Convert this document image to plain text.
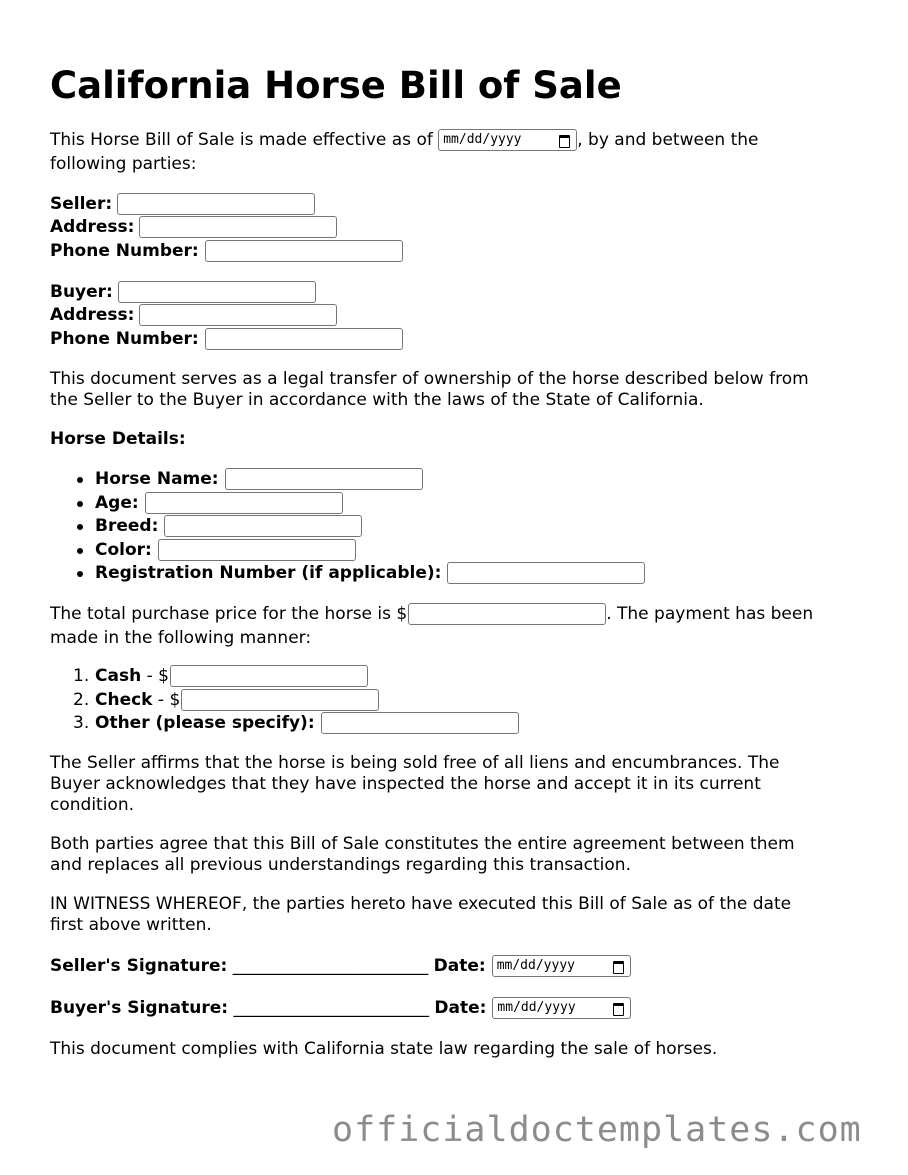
California Horse Bill of Sale
This Horse Bill of Sale is made effective as of mm/dd/yyyy	, by and between the
following parties:
Seller:
Address:
Phone Number:
Buyer:
Address:
Phone Number:

This document serves as a legal transfer of ownership of the horse described below from
the Seller to the Buyer in accordance with the laws of the State of California.

Horse Details:
Horse Name:
Age:
Breed:
Color:
Registration Number (if applicable):
The total purchase price for the horse is $	. The payment has been
made in the following manner:
1. Cash - $
2. Check - $
3. Other (please specify):

The Seller affirms that the horse is being sold free of all liens and encumbrances. The
Buyer acknowledges that they have inspected the horse and accept it in its current
condition.

Both parties agree that this Bill of Sale constitutes the entire agreement between them
and replaces all previous understandings regarding this transaction.

IN WITNESS WHEREOF, the parties hereto have executed this Bill of Sale as of the date
first above written.

Seller's Signature: _______________________ Date: mm/dd/yyyy
Buyer's Signature: _______________________ Date: mm/dd/yyyy
This document complies with California state law regarding the sale of horses.
officialdoctemplates.com
